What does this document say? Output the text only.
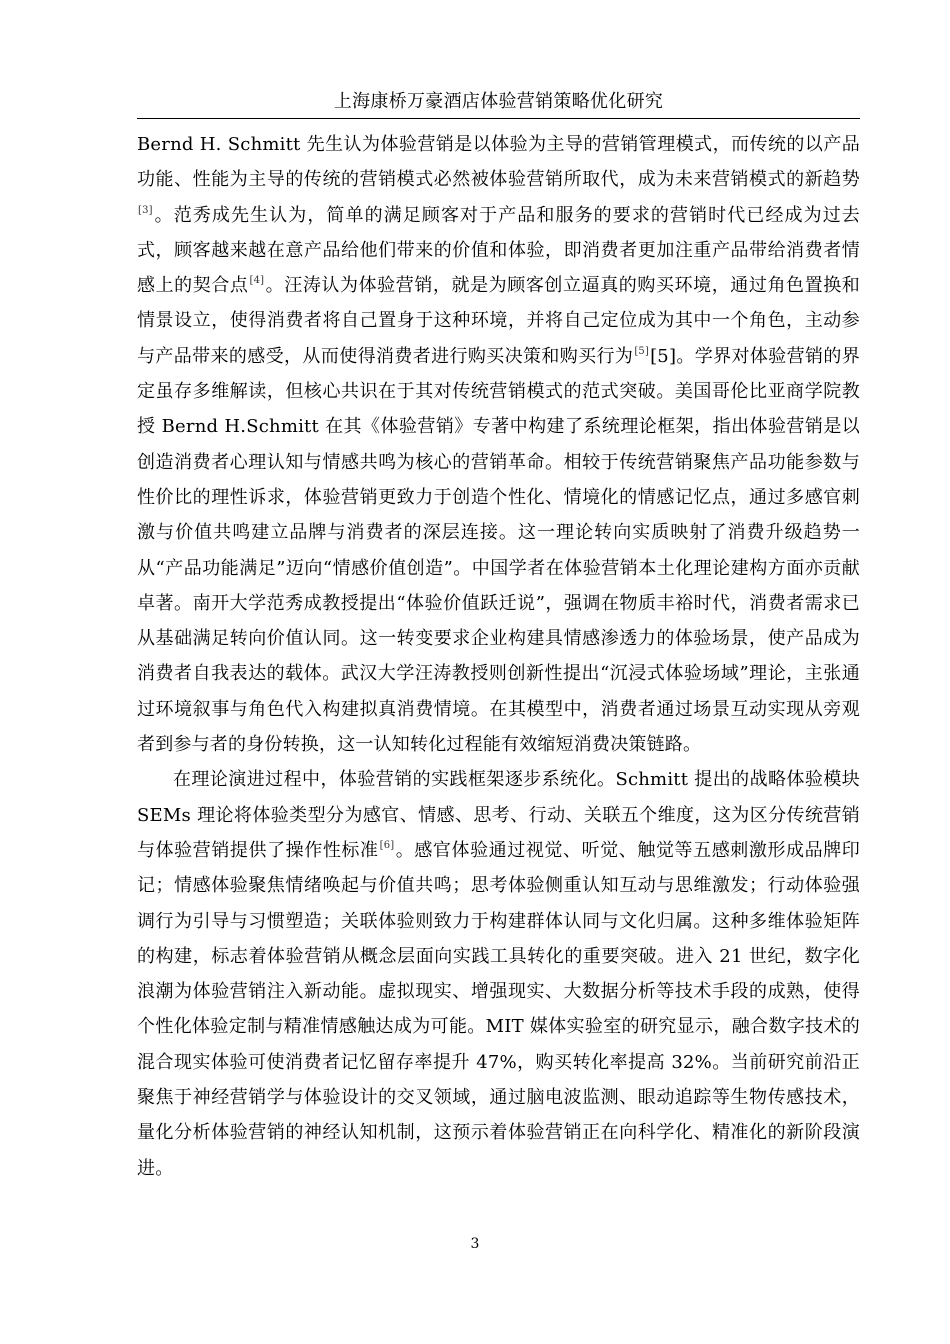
上海康桥万豪酒店体验营销策略优化研究

Bernd H. Schmitt 先生认为体验营销是以体验为主导的营销管理模式，而传统的以产品功能、性能为主导的传统的营销模式必然被体验营销所取代，成为未来营销模式的新趋势[3]。范秀成先生认为，简单的满足顾客对于产品和服务的要求的营销时代已经成为过去式，顾客越来越在意产品给他们带来的价值和体验，即消费者更加注重产品带给消费者情感上的契合点[4]。汪涛认为体验营销，就是为顾客创立逼真的购买环境，通过角色置换和情景设立，使得消费者将自己置身于这种环境，并将自己定位成为其中一个角色，主动参与产品带来的感受，从而使得消费者进行购买决策和购买行为[5][5]。学界对体验营销的界定虽存多维解读，但核心共识在于其对传统营销模式的范式突破。美国哥伦比亚商学院教授 Bernd H.Schmitt 在其《体验营销》专著中构建了系统理论框架，指出体验营销是以创造消费者心理认知与情感共鸣为核心的营销革命。相较于传统营销聚焦产品功能参数与性价比的理性诉求，体验营销更致力于创造个性化、情境化的情感记忆点，通过多感官刺激与价值共鸣建立品牌与消费者的深层连接。这一理论转向实质映射了消费升级趋势一从“产品功能满足”迈向“情感价值创造”。中国学者在体验营销本土化理论建构方面亦贡献卓著。南开大学范秀成教授提出“体验价值跃迁说”，强调在物质丰裕时代，消费者需求已从基础满足转向价值认同。这一转变要求企业构建具情感渗透力的体验场景，使产品成为消费者自我表达的载体。武汉大学汪涛教授则创新性提出“沉浸式体验场域”理论，主张通过环境叙事与角色代入构建拟真消费情境。在其模型中，消费者通过场景互动实现从旁观者到参与者的身份转换，这一认知转化过程能有效缩短消费决策链路。

在理论演进过程中，体验营销的实践框架逐步系统化。Schmitt 提出的战略体验模块 SEMs 理论将体验类型分为感官、情感、思考、行动、关联五个维度，这为区分传统营销与体验营销提供了操作性标准[6]。感官体验通过视觉、听觉、触觉等五感刺激形成品牌印记；情感体验聚焦情绪唤起与价值共鸣；思考体验侧重认知互动与思维激发；行动体验强调行为引导与习惯塑造；关联体验则致力于构建群体认同与文化归属。这种多维体验矩阵的构建，标志着体验营销从概念层面向实践工具转化的重要突破。进入 21 世纪，数字化浪潮为体验营销注入新动能。虚拟现实、增强现实、大数据分析等技术手段的成熟，使得个性化体验定制与精准情感触达成为可能。MIT 媒体实验室的研究显示，融合数字技术的混合现实体验可使消费者记忆留存率提升 47%，购买转化率提高 32%。当前研究前沿正聚焦于神经营销学与体验设计的交叉领域，通过脑电波监测、眼动追踪等生物传感技术，量化分析体验营销的神经认知机制，这预示着体验营销正在向科学化、精准化的新阶段演进。

3
